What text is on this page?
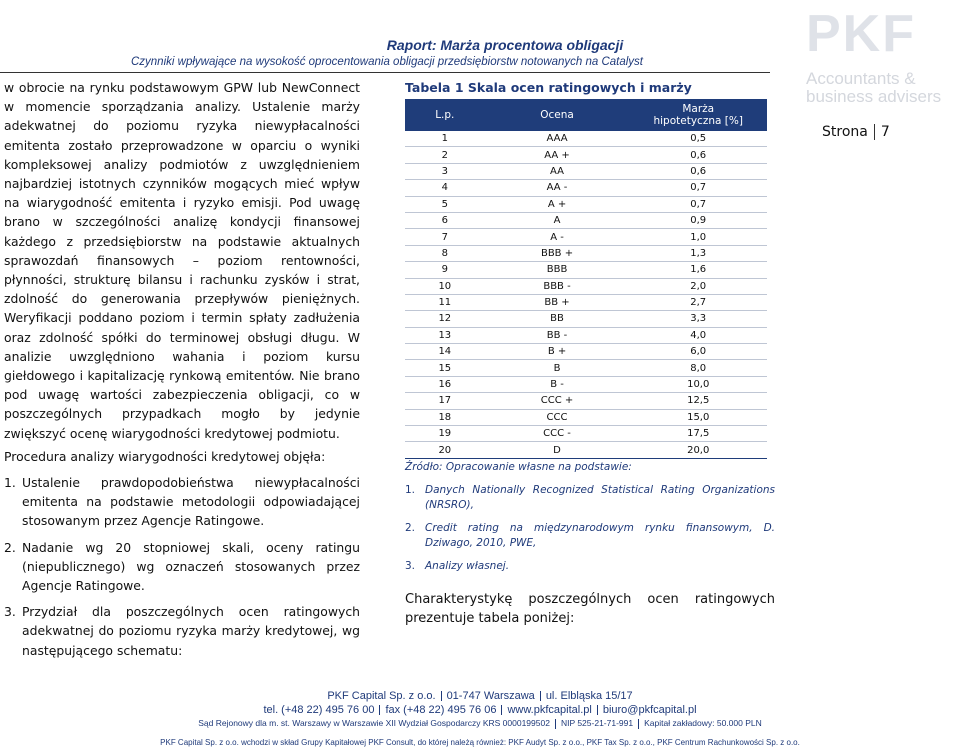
Raport: Marża procentowa obligacji
Czynniki wpływające na wysokość oprocentowania obligacji przedsiębiorstw notowanych na Catalyst	PKF
Accountants &
business advisers
Strona 7

w obrocie na rynku podstawowym GPW lub NewConnect w momencie sporządzania analizy. Ustalenie marży adekwatnej do poziomu ryzyka niewypłacalności emitenta zostało przeprowadzone w oparciu o wyniki kompleksowej analizy podmiotów z uwzględnieniem najbardziej istotnych czynników mogących mieć wpływ na wiarygodność emitenta i ryzyko emisji. Pod uwagę brano w szczególności analizę kondycji finansowej każdego z przedsiębiorstw na podstawie aktualnych sprawozdań finansowych – poziom rentowności, płynności, strukturę bilansu i rachunku zysków i strat, zdolność do generowania przepływów pieniężnych. Weryfikacji poddano poziom i termin spłaty zadłużenia oraz zdolność spółki do terminowej obsługi długu. W analizie uwzględniono wahania i poziom kursu giełdowego i kapitalizację rynkową emitentów. Nie brano pod uwagę wartości zabezpieczenia obligacji, co w poszczególnych przypadkach mogło by jedynie zwiększyć ocenę wiarygodności kredytowej podmiotu.

Procedura analizy wiarygodności kredytowej objęła:

1. Ustalenie prawdopodobieństwa niewypłacalności emitenta na podstawie metodologii odpowiadającej stosowanym przez Agencje Ratingowe.
2. Nadanie wg 20 stopniowej skali, oceny ratingu (niepublicznego) wg oznaczeń stosowanych przez Agencje Ratingowe.
3. Przydział dla poszczególnych ocen ratingowych adekwatnej do poziomu ryzyka marży kredytowej, wg następującego schematu:
Tabela 1 Skala ocen ratingowych i marży
L.p.	Ocena	Marża
hipotetyczna [%]

1	AAA	0,5
2	AA +	0,6
3	AA	0,6
4	AA -	0,7
5	A +	0,7
6	A	0,9
7	A -	1,0
8	BBB +	1,3
9	BBB	1,6
10	BBB -	2,0
11	BB +	2,7
12	BB	3,3
13	BB -	4,0
14	B +	6,0
15	B	8,0
16	B -	10,0
17	CCC +	12,5
18	CCC	15,0
19	CCC -	17,5
20	D	20,0
Źródło: Opracowanie własne na podstawie:
1. Danych Nationally Recognized Statistical Rating Organizations (NRSRO),
2. Credit rating na międzynarodowym rynku finansowym, D. Dziwago, 2010, PWE,
3. Analizy własnej.
Charakterystykę poszczególnych ocen ratingowych prezentuje tabela poniżej:
PKF Capital Sp. z o.o. 01-747 Warszawa ul. Elbląska 15/17
tel. (+48 22) 495 76 00 fax (+48 22) 495 76 06 www.pkfcapital.pl biuro@pkfcapital.pl
Sąd Rejonowy dla m. st. Warszawy w Warszawie XII Wydział Gospodarczy KRS 0000199502 NIP 525-21-71-991 Kapitał zakładowy: 50.000 PLN
PKF Capital Sp. z o.o. wchodzi w skład Grupy Kapitałowej PKF Consult, do której należą również: PKF Audyt Sp. z o.o., PKF Tax Sp. z o.o., PKF Centrum Rachunkowości Sp. z o.o.
